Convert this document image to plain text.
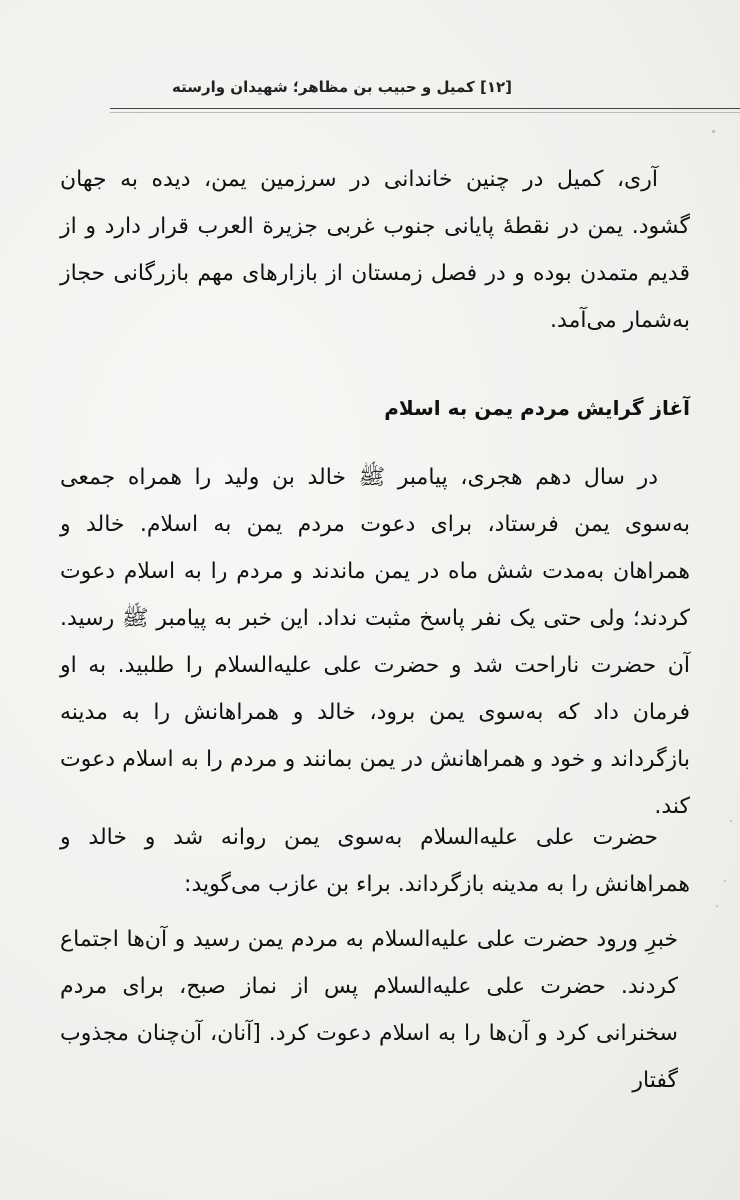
[۱۲] کمیل و حبیب بن مظاهر؛ شهیدان وارسته

آری، کمیل در چنین خاندانی در سرزمین یمن، دیده به جهان گشود. یمن در نقطهٔ پایانی جنوب غربی جزیرة العرب قرار دارد و از قدیم متمدن بوده و در فصل زمستان از بازارهای مهم بازرگانی حجاز به‌شمار می‌آمد.

آغاز گرایش مردم یمن به اسلام

در سال دهم هجری، پیامبر ﷺ خالد بن ولید را همراه جمعی به‌سوی یمن فرستاد، برای دعوت مردم یمن به اسلام. خالد و همراهان به‌مدت شش ماه در یمن ماندند و مردم را به اسلام دعوت کردند؛ ولی حتی یک نفر پاسخ مثبت نداد. این خبر به پیامبر ﷺ رسید. آن حضرت ناراحت شد و حضرت علی علیه‌السلام را طلبید. به او فرمان داد که به‌سوی یمن برود، خالد و همراهانش را به مدینه بازگرداند و خود و همراهانش در یمن بمانند و مردم را به اسلام دعوت کند.

حضرت علی علیه‌السلام به‌سوی یمن روانه شد و خالد و همراهانش را به مدینه بازگرداند. براء بن عازب می‌گوید:

خبرِ ورود حضرت علی علیه‌السلام به مردم یمن رسید و آن‌ها اجتماع کردند. حضرت علی علیه‌السلام پس از نماز صبح، برای مردم سخنرانی کرد و آن‌ها را به اسلام دعوت کرد. [آنان، آن‌چنان مجذوب گفتار
